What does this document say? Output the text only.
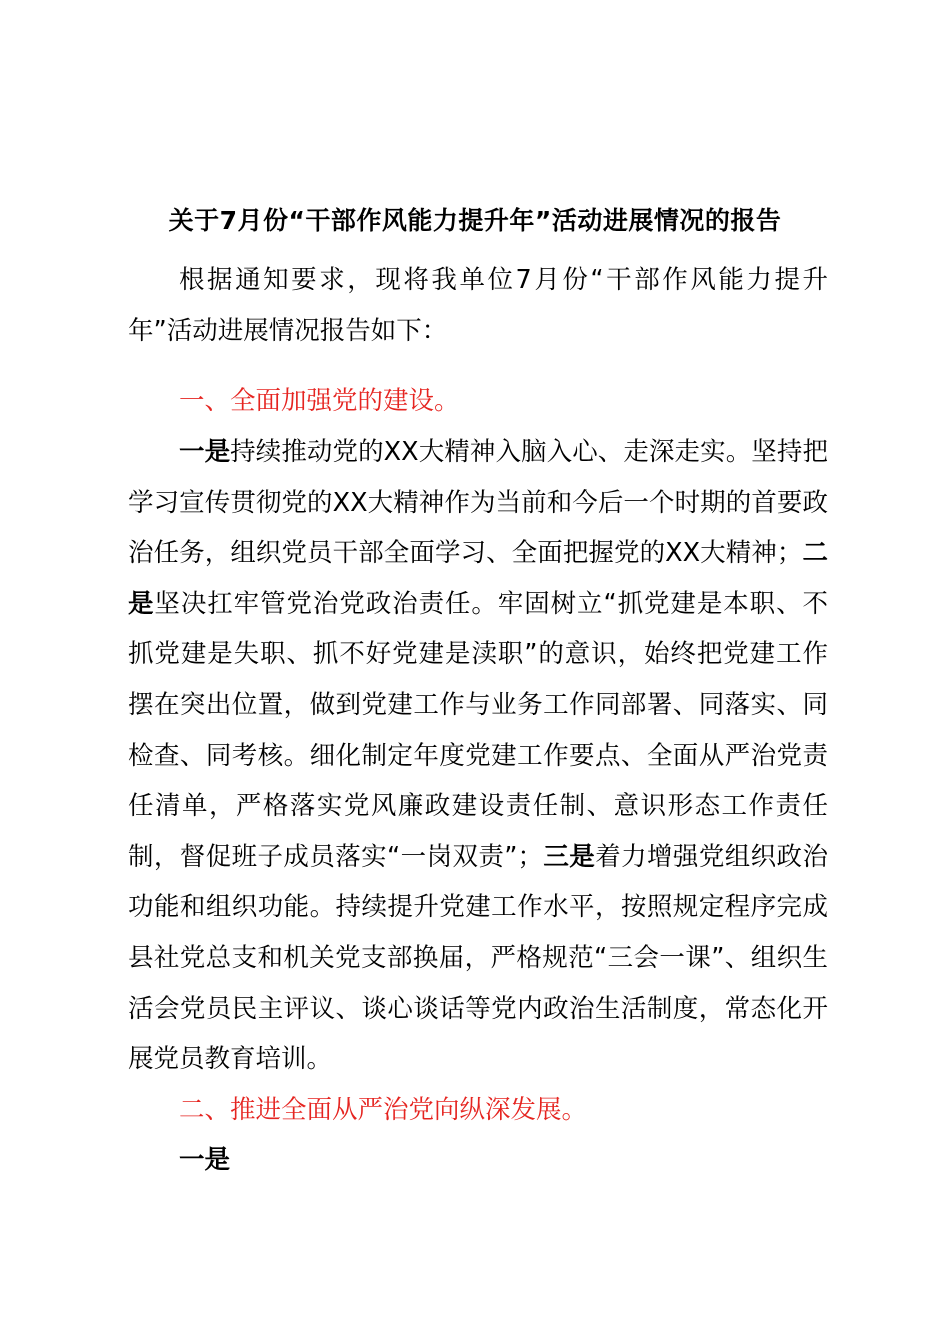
关于7月份“干部作风能力提升年”活动进展情况的报告

根据通知要求，现将我单位7月份“干部作风能力提升年”活动进展情况报告如下：

一、全面加强党的建设。

一是持续推动党的XX大精神入脑入心、走深走实。坚持把学习宣传贯彻党的XX大精神作为当前和今后一个时期的首要政治任务，组织党员干部全面学习、全面把握党的XX大精神；二是坚决扛牢管党治党政治责任。牢固树立“抓党建是本职、不抓党建是失职、抓不好党建是渎职”的意识，始终把党建工作摆在突出位置，做到党建工作与业务工作同部署、同落实、同检查、同考核。细化制定年度党建工作要点、全面从严治党责任清单，严格落实党风廉政建设责任制、意识形态工作责任制，督促班子成员落实“一岗双责”；三是着力增强党组织政治功能和组织功能。持续提升党建工作水平，按照规定程序完成县社党总支和机关党支部换届，严格规范“三会一课”、组织生活会党员民主评议、谈心谈话等党内政治生活制度，常态化开展党员教育培训。

二、推进全面从严治党向纵深发展。

一是
